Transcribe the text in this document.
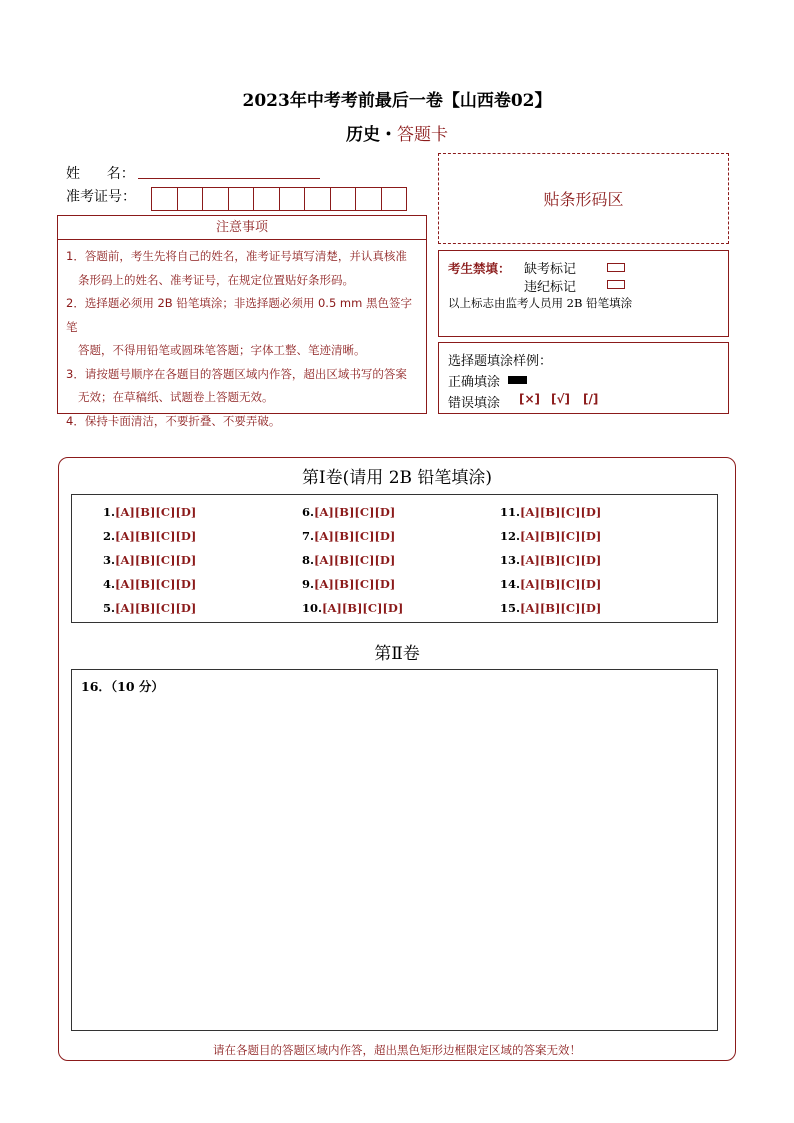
2023年中考考前最后一卷【山西卷02】
历史・答题卡
姓      名：
准考证号：	贴条形码区
注意事项
1．答题前，考生先将自己的姓名，准考证号填写清楚，并认真核准
条形码上的姓名、准考证号，在规定位置贴好条形码。
2．选择题必须用 2B 铅笔填涂；非选择题必须用 0.5 mm 黑色签字笔
答题，不得用铅笔或圆珠笔答题；字体工整、笔迹清晰。
3．请按题号顺序在各题目的答题区域内作答，超出区域书写的答案
无效；在草稿纸、试题卷上答题无效。
4．保持卡面清洁，不要折叠、不要弄破。
考生禁填： 缺考标记
违纪标记
以上标志由监考人员用 2B 铅笔填涂
选择题填涂样例：
正确填涂
错误填涂 [×] [√] [/]
第Ⅰ卷(请用 2B 铅笔填涂)
1.[A][B][C][D]
2.[A][B][C][D]
3.[A][B][C][D]
4.[A][B][C][D]
5.[A][B][C][D]
6.[A][B][C][D]
7.[A][B][C][D]
8.[A][B][C][D]
9.[A][B][C][D]
10.[A][B][C][D]
11.[A][B][C][D]
12.[A][B][C][D]
13.[A][B][C][D]
14.[A][B][C][D]
15.[A][B][C][D]
第Ⅱ卷
16．（10 分）
请在各题目的答题区域内作答，超出黑色矩形边框限定区域的答案无效！
